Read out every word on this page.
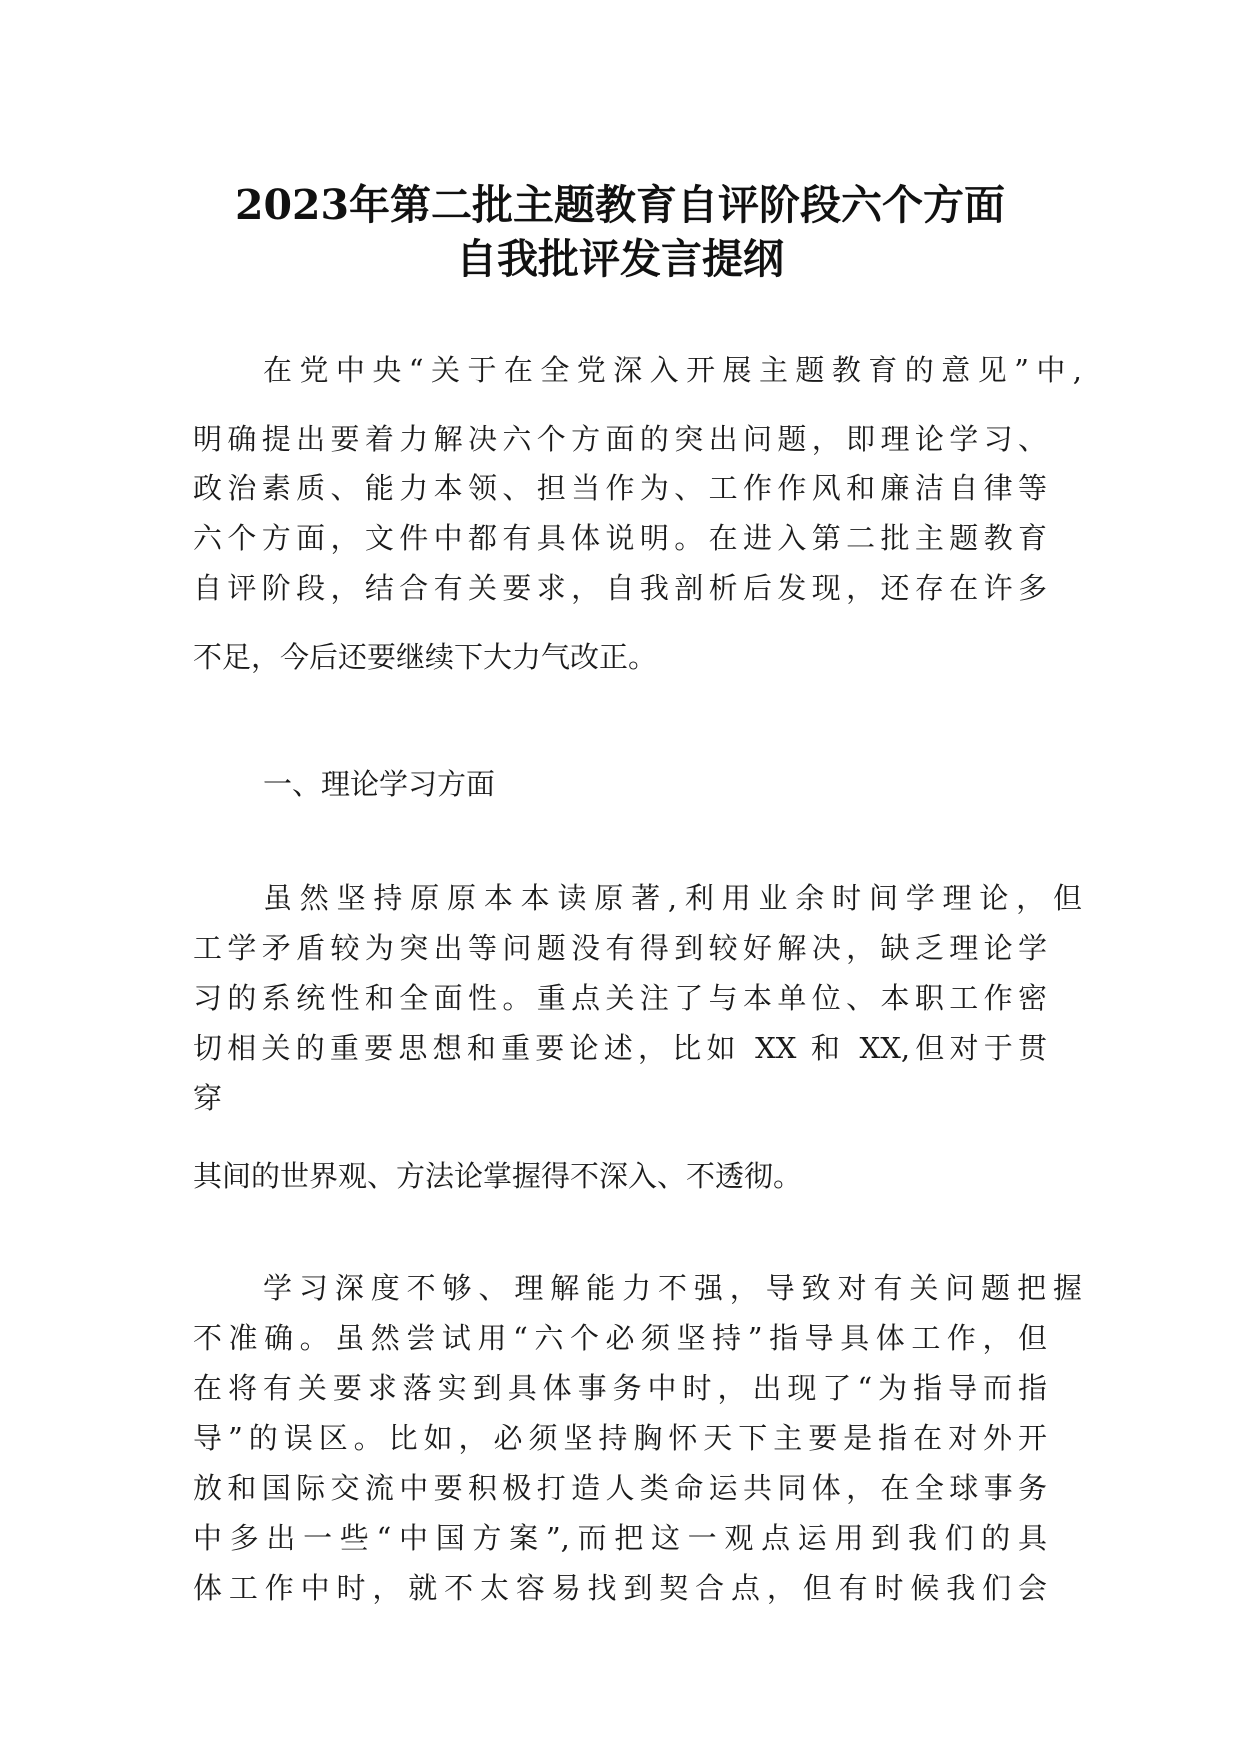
2023年第二批主题教育自评阶段六个方面
自我批评发言提纲
在党中央“关于在全党深入开展主题教育的意见”中,
明确提出要着力解决六个方面的突出问题，即理论学习、
政治素质、能力本领、担当作为、工作作风和廉洁自律等
六个方面，文件中都有具体说明。在进入第二批主题教育
自评阶段，结合有关要求，自我剖析后发现，还存在许多
不足，今后还要继续下大力气改正。
一、理论学习方面
虽然坚持原原本本读原著,利用业余时间学理论，但
工学矛盾较为突出等问题没有得到较好解决，缺乏理论学
习的系统性和全面性。重点关注了与本单位、本职工作密
切相关的重要思想和重要论述，比如 XX 和 XX,但对于贯
穿
其间的世界观、方法论掌握得不深入、不透彻。
学习深度不够、理解能力不强，导致对有关问题把握
不准确。虽然尝试用“六个必须坚持”指导具体工作，但
在将有关要求落实到具体事务中时，出现了“为指导而指
导”的误区。比如，必须坚持胸怀天下主要是指在对外开
放和国际交流中要积极打造人类命运共同体，在全球事务
中多出一些“中国方案”,而把这一观点运用到我们的具
体工作中时，就不太容易找到契合点，但有时候我们会
